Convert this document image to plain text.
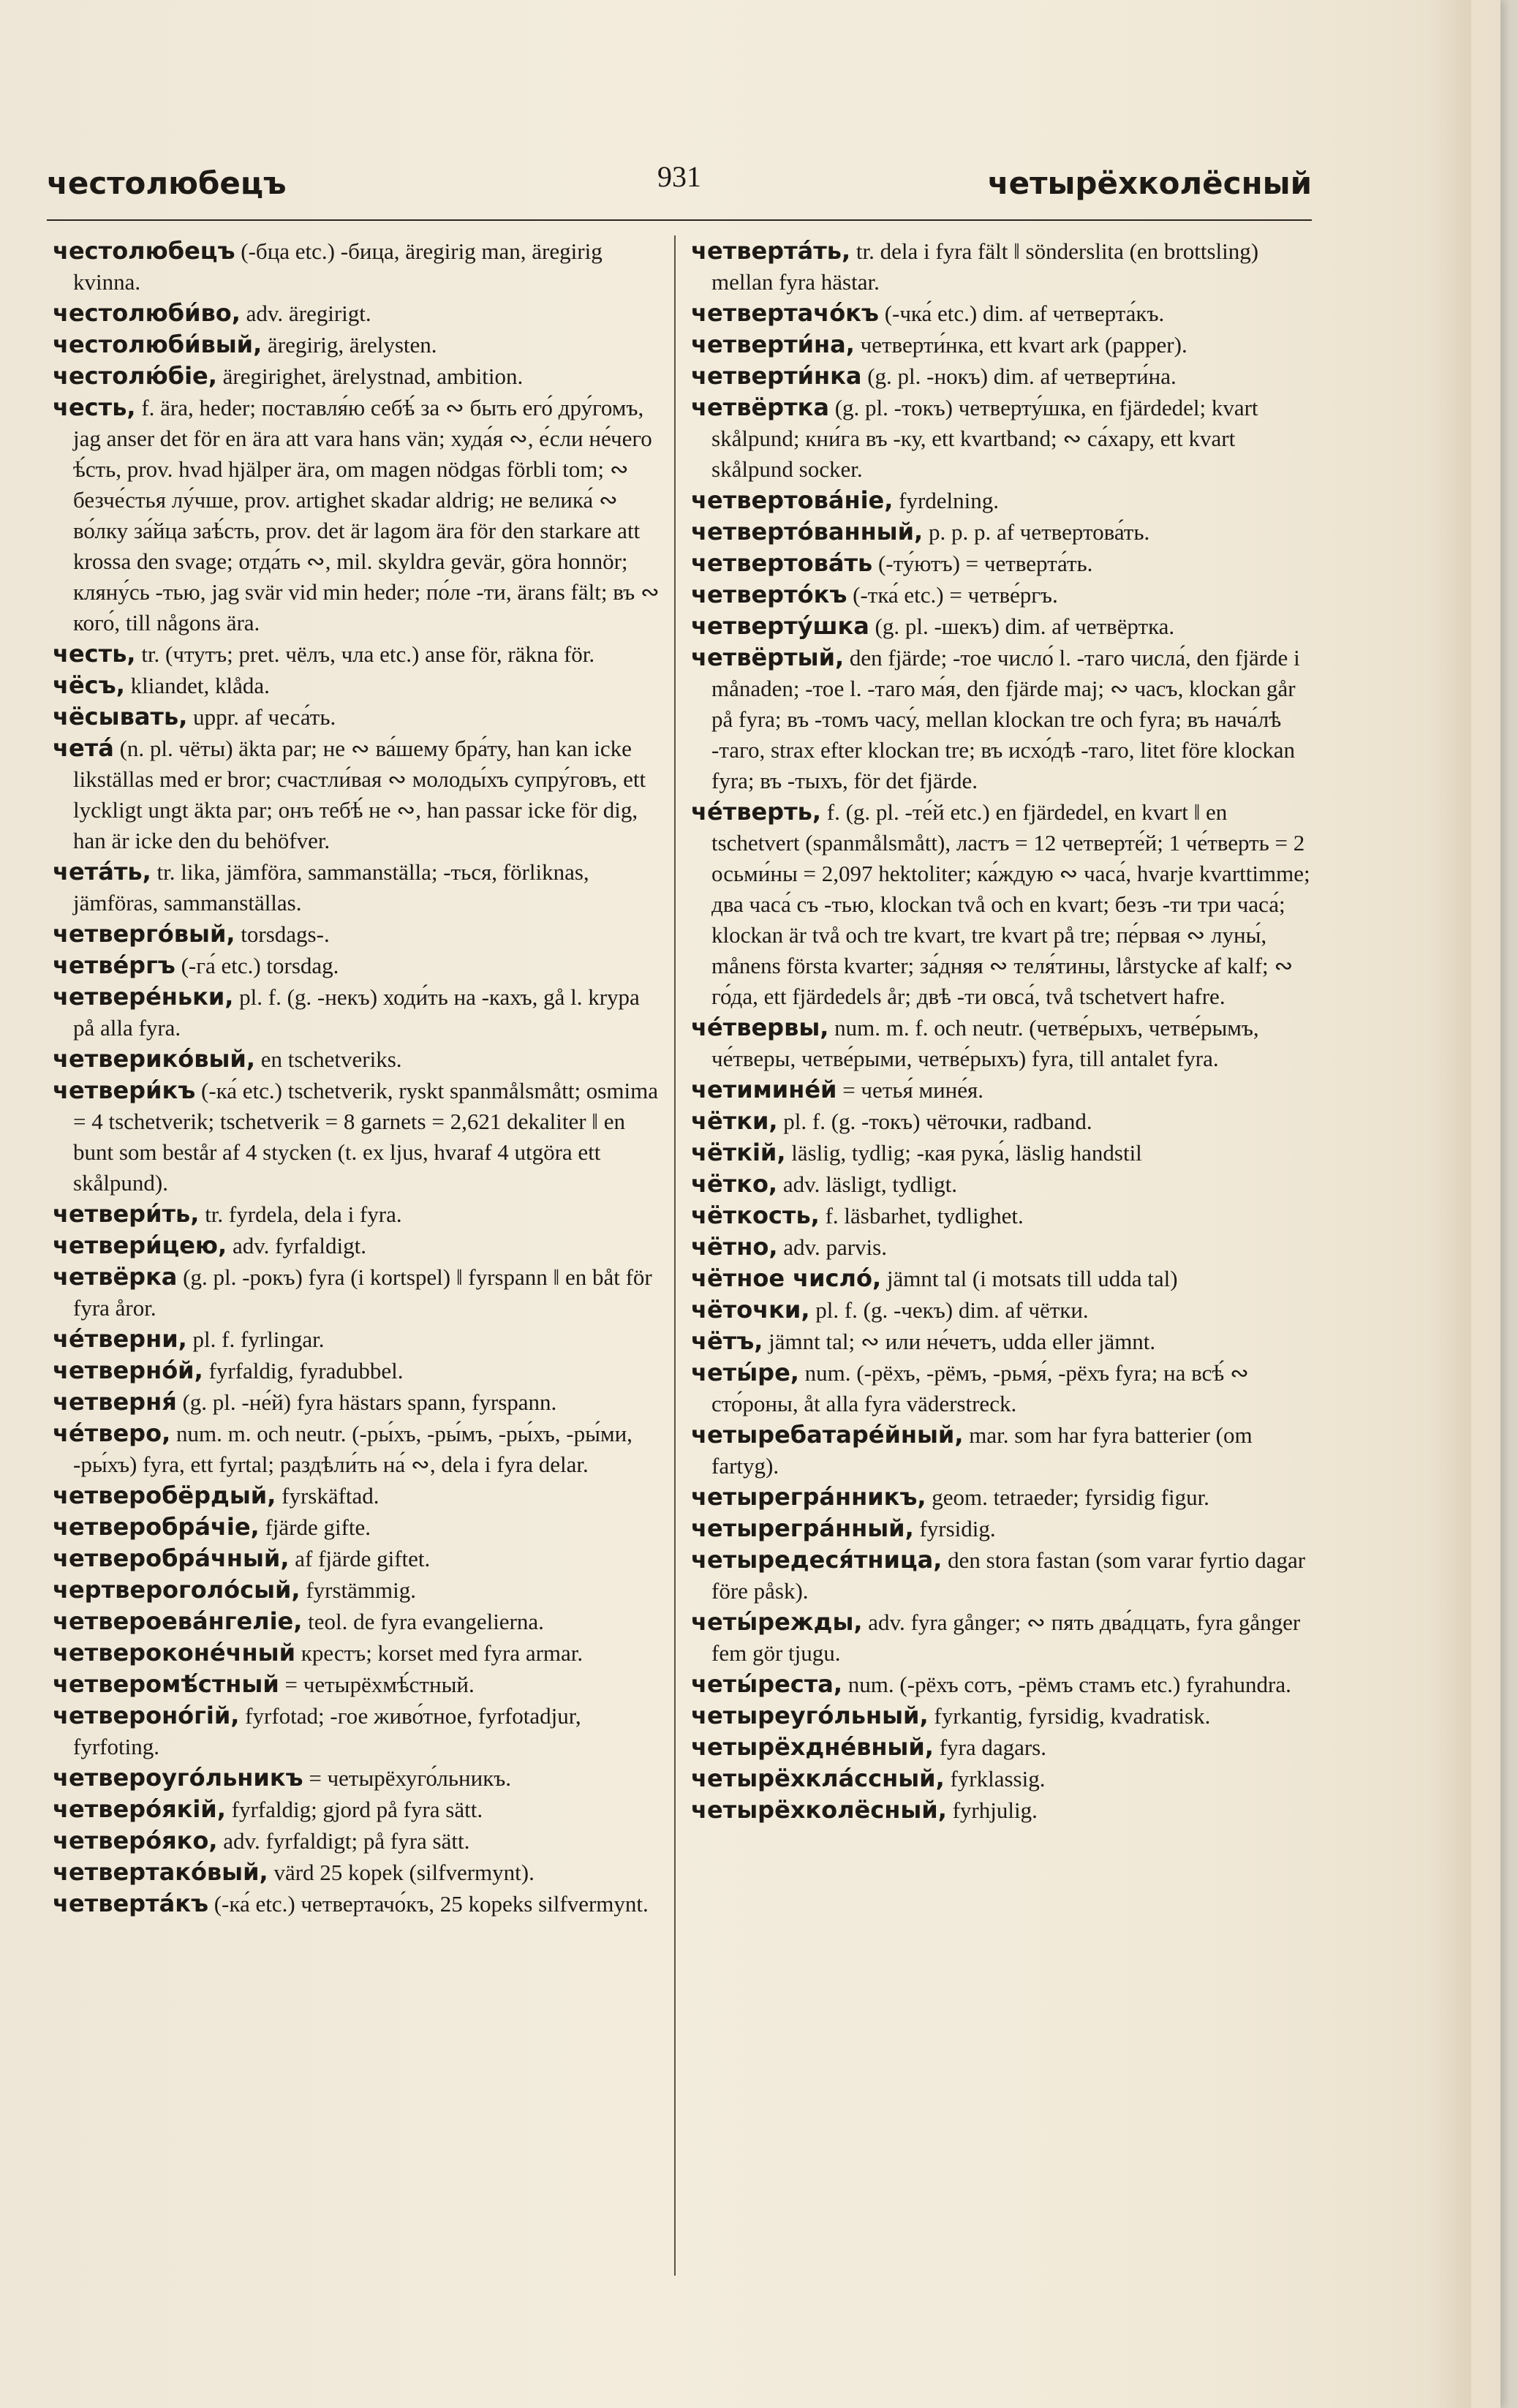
честолюбецъ	931	четырёхколёсный

честолюбецъ (-бца etc.) -бица, äregirig man, äregirig kvinna.

честолюби́во, adv. äregirigt.

честолюби́вый, äregirig, ärelysten.

честолю́біе, äregirighet, ärelystnad, ambition.

честь, f. ära, heder; поставля́ю себѣ́ за ∾ быть его́ дру́гомъ, jag anser det för en ära att vara hans vän; худа́я ∾, е́сли не́чего ѣ́сть, prov. hvad hjälper ära, om magen nödgas förbli tom; ∾ безче́стья лу́чше, prov. artighet skadar aldrig; не велика́ ∾ во́лку за́йца заѣ́сть, prov. det är lagom ära för den starkare att krossa den svage; отда́ть ∾, mil. skyldra gevär, göra honnör; кляну́сь -тью, jag svär vid min heder; по́ле -ти, ärans fält; въ ∾ кого́, till någons ära.

честь, tr. (чтутъ; pret. чёлъ, чла etc.) anse för, räkna för.

чёсъ, kliandet, klåda.

чёсывать, uppr. af чеса́ть.

чета́ (n. pl. чёты) äkta par; не ∾ ва́шему бра́ту, han kan icke likställas med er bror; счастли́вая ∾ молоды́хъ супру́говъ, ett lyckligt ungt äkta par; онъ тебѣ́ не ∾, han passar icke för dig, han är icke den du behöfver.

чета́ть, tr. lika, jämföra, sammanställa; -ться, förliknas, jämföras, sammanställas.

четверго́вый, torsdags-.

четве́ргъ (-га́ etc.) torsdag.

четвере́ньки, pl. f. (g. -некъ) ходи́ть на -кахъ, gå l. krypa på alla fyra.

четверико́вый, en tschetveriks.

четвери́къ (-ка́ etc.) tschetverik, ryskt spanmålsmått; osmima = 4 tschetverik; tschetverik = 8 garnets = 2,621 dekaliter ‖ en bunt som består af 4 stycken (t. ex ljus, hvaraf 4 utgöra ett skålpund).

четвери́ть, tr. fyrdela, dela i fyra.

четвери́цею, adv. fyrfaldigt.

четвёрка (g. pl. -рокъ) fyra (i kortspel) ‖ fyrspann ‖ en båt för fyra åror.

че́тверни, pl. f. fyrlingar.

четверно́й, fyrfaldig, fyradubbel.

четверня́ (g. pl. -не́й) fyra hästars spann, fyrspann.

че́тверо, num. m. och neutr. (-ры́хъ, -ры́мъ, -ры́хъ, -ры́ми, -ры́хъ) fyra, ett fyrtal; раздѣли́ть на́ ∾, dela i fyra delar.

четверобёрдый, fyrskäftad.

четверобра́чіе, fjärde gifte.

четверобра́чный, af fjärde giftet.

чертвероголо́сый, fyrstämmig.

четвероева́нгеліе, teol. de fyra evangelierna.

четвероконе́чный крестъ; korset med fyra armar.

четверомѣ́стный = четырёхмѣ́стный.

четвероно́гій, fyrfotad; -гое живо́тное, fyrfotadjur, fyrfoting.

четвероуго́льникъ = четырёхуго́льникъ.

четверо́якій, fyrfaldig; gjord på fyra sätt.

четверо́яко, adv. fyrfaldigt; på fyra sätt.

четвертако́вый, värd 25 kopek (silfvermynt).

четверта́къ (-ка́ etc.) четвертачо́къ, 25 kopeks silfvermynt.

четверта́ть, tr. dela i fyra fält ‖ sönderslita (en brottsling) mellan fyra hästar.

четвертачо́къ (-чка́ etc.) dim. af четверта́къ.

четверти́на, четверти́нка, ett kvart ark (papper).

четверти́нка (g. pl. -нокъ) dim. af четверти́на.

четвёртка (g. pl. -токъ) четверту́шка, en fjärdedel; kvart skålpund; кни́га въ -ку, ett kvartband; ∾ са́хару, ett kvart skålpund socker.

четвертова́ніе, fyrdelning.

четверто́ванный, p. p. p. af четвертова́ть.

четвертова́ть (-ту́ютъ) = четверта́ть.

четверто́къ (-тка́ etc.) = четве́ргъ.

четверту́шка (g. pl. -шекъ) dim. af четвёртка.

четвёртый, den fjärde; -тое число́ l. -таго числа́, den fjärde i månaden; -тое l. -таго ма́я, den fjärde maj; ∾ часъ, klockan går på fyra; въ -томъ часу́, mellan klockan tre och fyra; въ нача́лѣ -таго, strax efter klockan tre; въ исхо́дѣ -таго, litet före klockan fyra; въ -тыхъ, för det fjärde.

че́тверть, f. (g. pl. -те́й etc.) en fjärdedel, en kvart ‖ en tschetvert (spanmålsmått), ластъ = 12 четверте́й; 1 че́тверть = 2 осьми́ны = 2,097 hektoliter; ка́ждую ∾ часа́, hvarje kvarttimme; два часа́ съ -тью, klockan två och en kvart; безъ -ти три часа́; klockan är två och tre kvart, tre kvart på tre; пе́рвая ∾ луны́, månens första kvarter; за́дняя ∾ теля́тины, lårstycke af kalf; ∾ го́да, ett fjärdedels år; двѣ -ти овса́, två tschetvert hafre.

че́твервы, num. m. f. och neutr. (четве́рыхъ, четве́рымъ, че́тверы, четве́рыми, четве́рыхъ) fyra, till antalet fyra.

четимине́й = четья́ мине́я.

чётки, pl. f. (g. -токъ) чёточки, radband.

чёткій, läslig, tydlig; -кая рука́, läslig handstil

чётко, adv. läsligt, tydligt.

чёткость, f. läsbarhet, tydlighet.

чётно, adv. parvis.

чётное число́, jämnt tal (i motsats till udda tal)

чёточки, pl. f. (g. -чекъ) dim. af чётки.

чётъ, jämnt tal; ∾ или не́четъ, udda eller jämnt.

четы́ре, num. (-рёхъ, -рёмъ, -рьмя́, -рёхъ fyra; на всѣ́ ∾ сто́роны, åt alla fyra väderstreck.

четыребатаре́йный, mar. som har fyra batterier (om fartyg).

четырегра́нникъ, geom. tetraeder; fyrsidig figur.

четырегра́нный, fyrsidig.

четыредеся́тница, den stora fastan (som varar fyrtio dagar före påsk).

четы́режды, adv. fyra gånger; ∾ пять два́дцать, fyra gånger fem gör tjugu.

четы́реста, num. (-рёхъ сотъ, -рёмъ стамъ etc.) fyrahundra.

четыреуго́льный, fyrkantig, fyrsidig, kvadratisk.

четырёхдне́вный, fyra dagars.

четырёхкла́ссный, fyrklassig.

четырёхколёсный, fyrhjulig.
